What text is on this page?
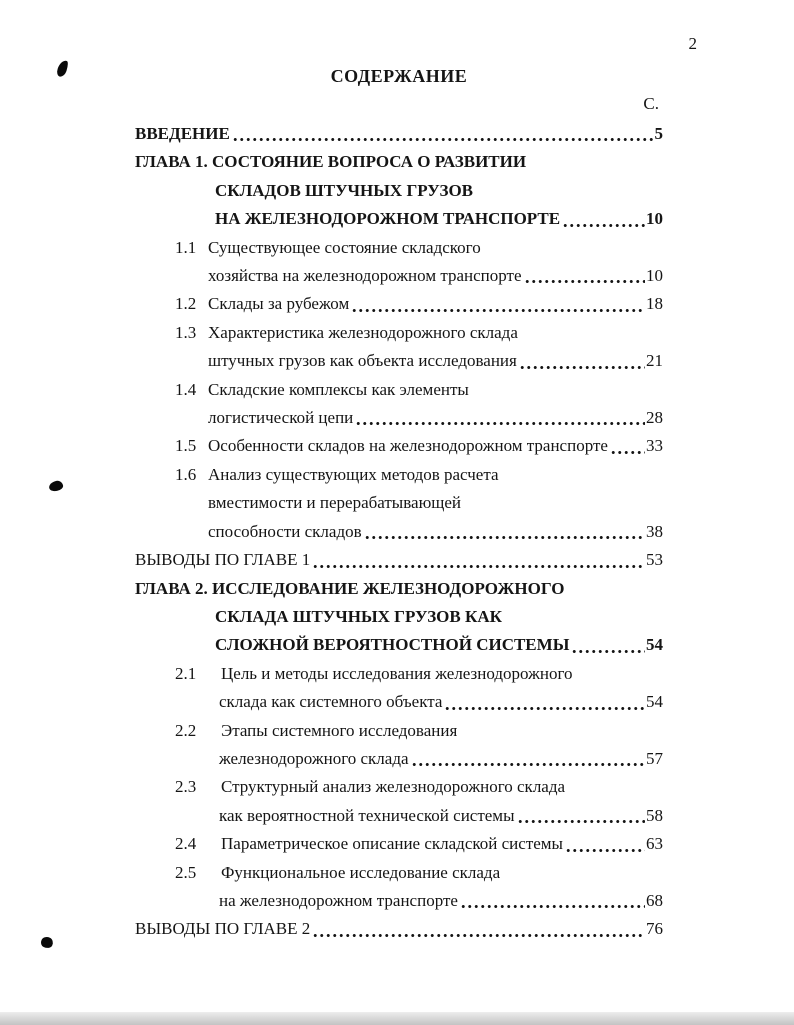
2
СОДЕРЖАНИЕ
С.
ВВЕДЕНИЕ	5
ГЛАВА 1. СОСТОЯНИЕ ВОПРОСА О РАЗВИТИИ
СКЛАДОВ ШТУЧНЫХ ГРУЗОВ
НА ЖЕЛЕЗНОДОРОЖНОМ ТРАНСПОРТЕ	10
1.1 Существующее состояние складского
хозяйства на железнодорожном транспорте	10
1.2 Склады за рубежом	18
1.3 Характеристика железнодорожного склада
штучных грузов как объекта исследования	21
1.4 Складские комплексы как элементы
логистической цепи	28
1.5 Особенности складов на железнодорожном транспорте 33
1.6 Анализ существующих методов расчета
вместимости и перерабатывающей
способности складов	38
ВЫВОДЫ ПО ГЛАВЕ 1	53
ГЛАВА 2. ИССЛЕДОВАНИЕ ЖЕЛЕЗНОДОРОЖНОГО
СКЛАДА ШТУЧНЫХ ГРУЗОВ КАК
СЛОЖНОЙ ВЕРОЯТНОСТНОЙ СИСТЕМЫ	54
2.1	Цель и методы исследования железнодорожного
склада как системного объекта	54
2.2	Этапы системного исследования
железнодорожного склада	57
2.3	Структурный анализ железнодорожного склада
как вероятностной технической системы	58
2.4	Параметрическое описание складской системы	63
2.5	Функциональное исследование склада
на железнодорожном транспорте	68
ВЫВОДЫ ПО ГЛАВЕ 2	76
